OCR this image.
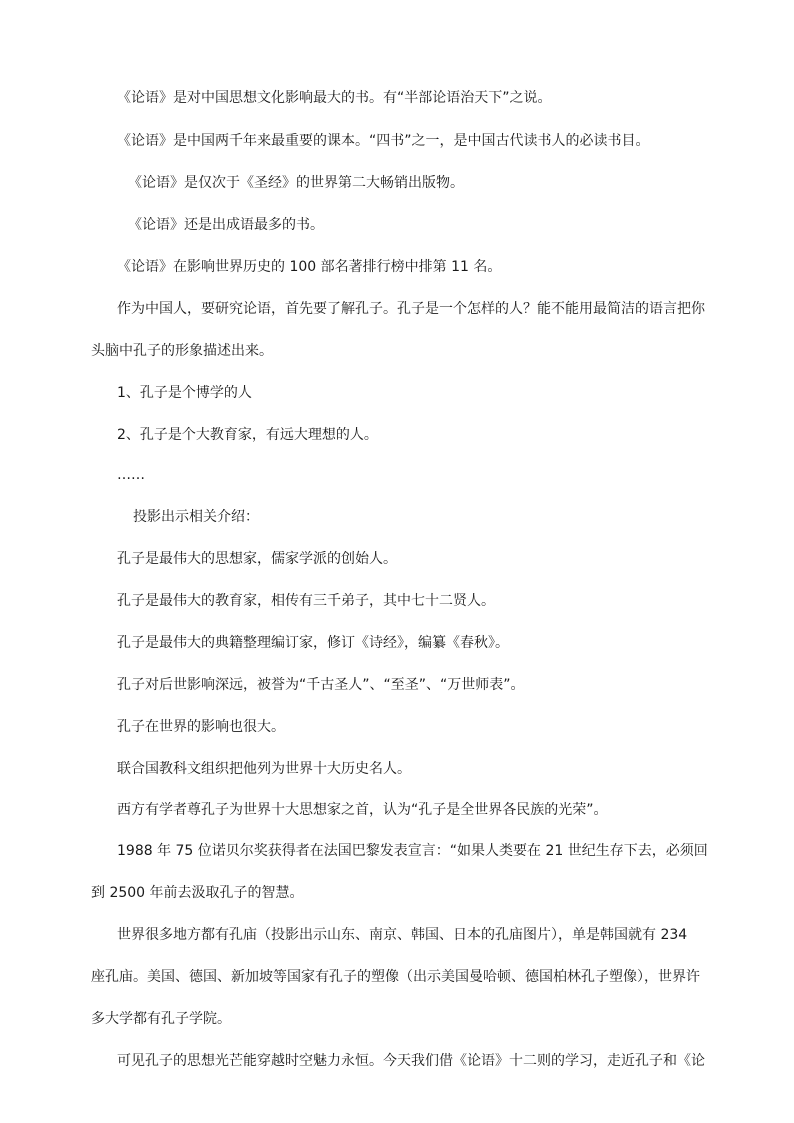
《论语》是对中国思想文化影响最大的书。有“半部论语治天下”之说。
《论语》是中国两千年来最重要的课本。“四书”之一，是中国古代读书人的必读书目。
《论语》是仅次于《圣经》的世界第二大畅销出版物。
《论语》还是出成语最多的书。
《论语》在影响世界历史的 100 部名著排行榜中排第 11 名。
作为中国人，要研究论语，首先要了解孔子。孔子是一个怎样的人？能不能用最简洁的语言把你
头脑中孔子的形象描述出来。
1、孔子是个博学的人
2、孔子是个大教育家，有远大理想的人。
……
投影出示相关介绍：
孔子是最伟大的思想家，儒家学派的创始人。
孔子是最伟大的教育家，相传有三千弟子，其中七十二贤人。
孔子是最伟大的典籍整理编订家，修订《诗经》，编纂《春秋》。
孔子对后世影响深远，被誉为“千古圣人”、“至圣”、“万世师表”。
孔子在世界的影响也很大。
联合国教科文组织把他列为世界十大历史名人。
西方有学者尊孔子为世界十大思想家之首，认为“孔子是全世界各民族的光荣”。
1988 年 75 位诺贝尔奖获得者在法国巴黎发表宣言：“如果人类要在 21 世纪生存下去，必须回
到 2500 年前去汲取孔子的智慧。
世界很多地方都有孔庙（投影出示山东、南京、韩国、日本的孔庙图片），单是韩国就有 234
座孔庙。美国、德国、新加坡等国家有孔子的塑像（出示美国曼哈顿、德国柏林孔子塑像），世界许
多大学都有孔子学院。
可见孔子的思想光芒能穿越时空魅力永恒。今天我们借《论语》十二则的学习，走近孔子和《论
